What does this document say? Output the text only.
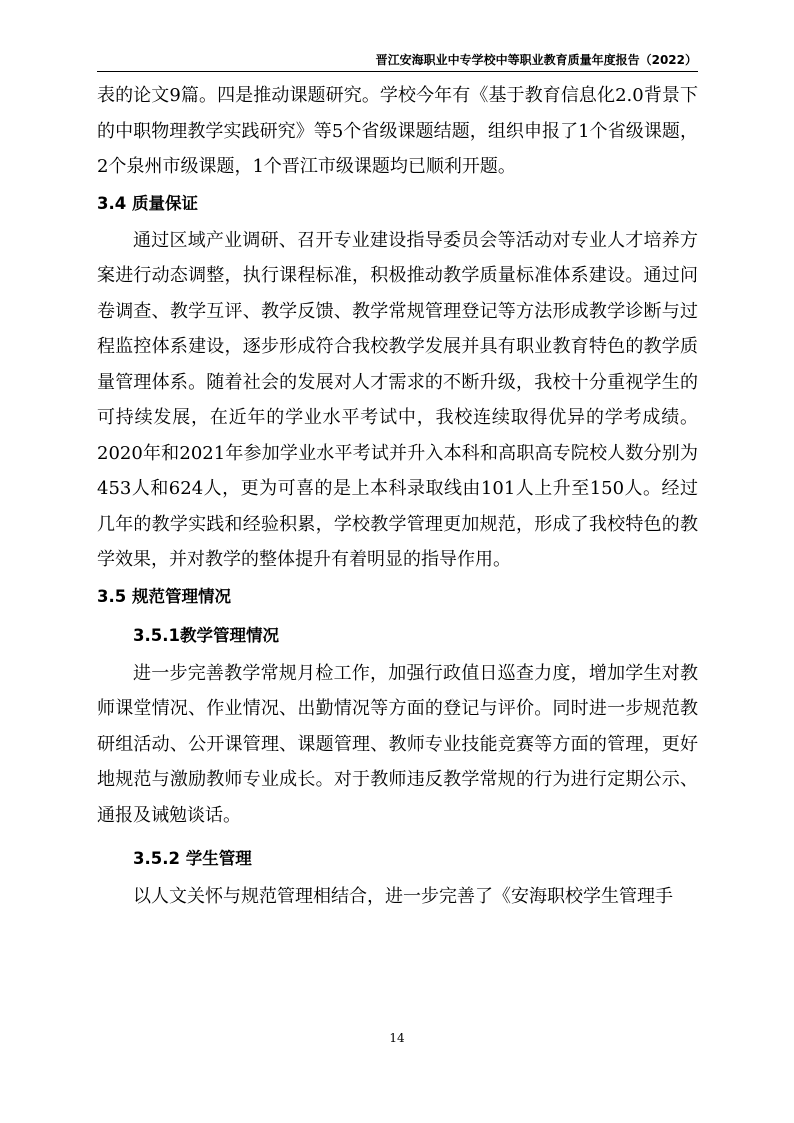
晋江安海职业中专学校中等职业教育质量年度报告（2022）

表的论文9篇。四是推动课题研究。学校今年有《基于教育信息化2.0背景下的中职物理教学实践研究》等5个省级课题结题，组织申报了1个省级课题，2个泉州市级课题，1个晋江市级课题均已顺利开题。

3.4 质量保证

通过区域产业调研、召开专业建设指导委员会等活动对专业人才培养方案进行动态调整，执行课程标准，积极推动教学质量标准体系建设。通过问卷调查、教学互评、教学反馈、教学常规管理登记等方法形成教学诊断与过程监控体系建设，逐步形成符合我校教学发展并具有职业教育特色的教学质量管理体系。随着社会的发展对人才需求的不断升级，我校十分重视学生的可持续发展，在近年的学业水平考试中，我校连续取得优异的学考成绩。2020年和2021年参加学业水平考试并升入本科和高职高专院校人数分别为453人和624人，更为可喜的是上本科录取线由101人上升至150人。经过几年的教学实践和经验积累，学校教学管理更加规范，形成了我校特色的教学效果，并对教学的整体提升有着明显的指导作用。

3.5 规范管理情况
3.5.1教学管理情况

进一步完善教学常规月检工作，加强行政值日巡查力度，增加学生对教师课堂情况、作业情况、出勤情况等方面的登记与评价。同时进一步规范教研组活动、公开课管理、课题管理、教师专业技能竞赛等方面的管理，更好地规范与激励教师专业成长。对于教师违反教学常规的行为进行定期公示、通报及诫勉谈话。

3.5.2 学生管理

以人文关怀与规范管理相结合，进一步完善了《安海职校学生管理手

14
